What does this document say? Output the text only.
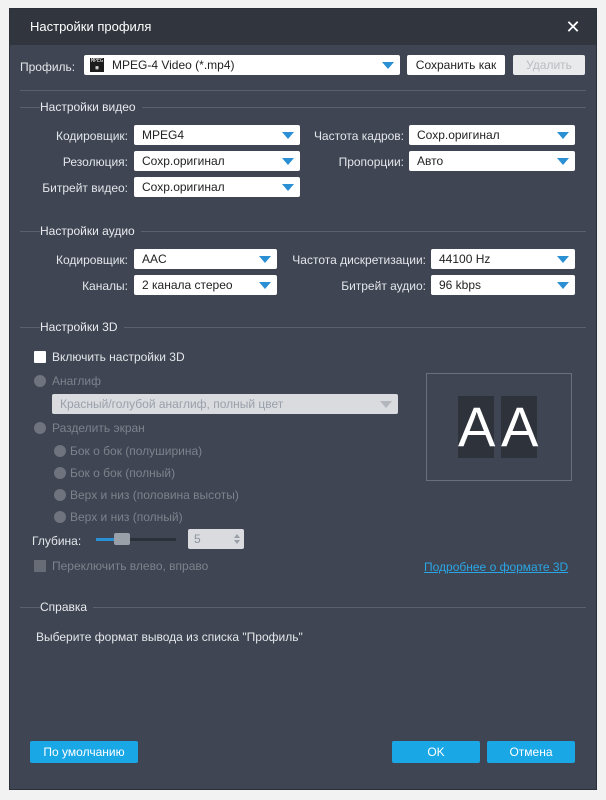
Настройки профиля	✕
Профиль:	MPEG
▦	MPEG-4 Video (*.mp4)	Сохранить как	Удалить
Настройки видео
Кодировщик:	MPEG4	Частота кадров:	Сохр.оригинал
Резолюция:	Сохр.оригинал	Пропорции:	Авто
Битрейт видео:	Сохр.оригинал
Настройки аудио
Кодировщик:	AAC	Частота дискретизации:	44100 Hz
Каналы:	2 канала стерео	Битрейт аудио:	96 kbps
Настройки 3D
Включить настройки 3D
Анаглиф
Красный/голубой анаглиф, полный цвет
Разделить экран
Бок о бок (полуширина)
Бок о бок (полный)
Верх и низ (половина высоты)
Верх и низ (полный)
Глубина:	5
Переключить влево, вправо	Подробнее о формате 3D
A A
Справка
Выберите формат вывода из списка "Профиль"
По умолчанию	OK	Отмена
